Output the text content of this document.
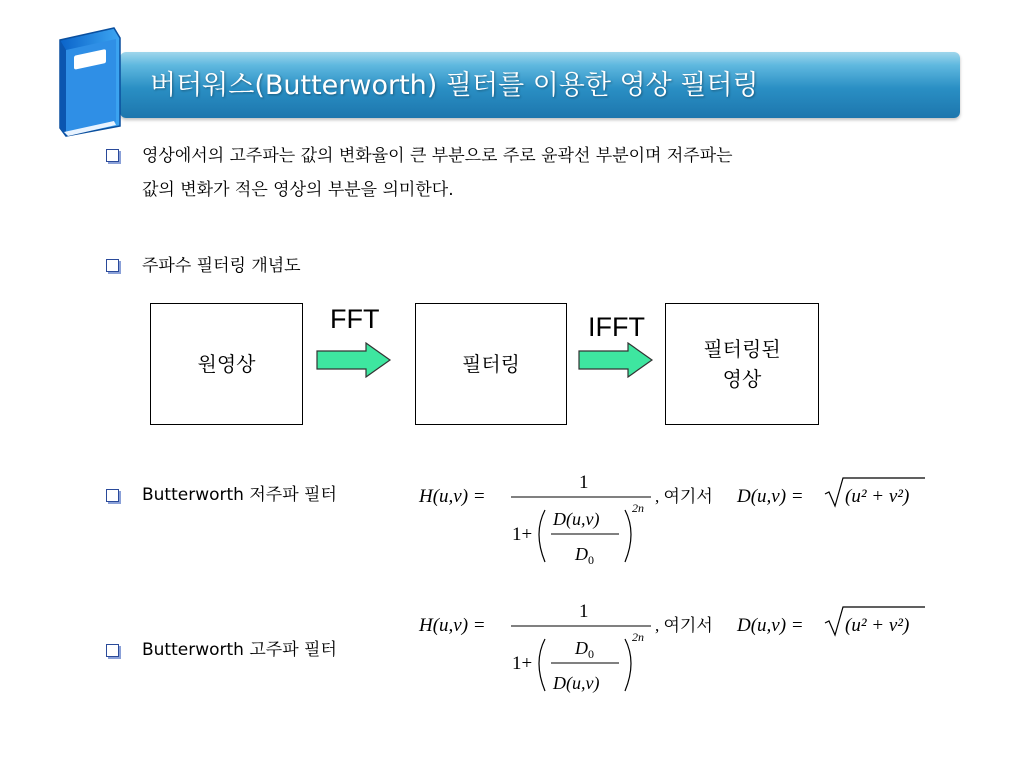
버터워스(Butterworth) 필터를 이용한 영상 필터링
영상에서의 고주파는 값의 변화율이 큰 부분으로 주로 윤곽선 부분이며 저주파는
값의 변화가 적은 영상의 부분을 의미한다.
주파수 필터링 개념도
원영상	필터링
필터링된
영상
FFT	IFFT
Butterworth 저주파 필터	H(u,v) =
1
1+
D(u,v)
$D_0$
2n
, 여기서 D(u,v) = (u² + v²)
Butterworth 고주파 필터
H(u,v) =
1
1+
$D_0$
D(u,v)
2n
, 여기서 D(u,v) = (u² + v²)
